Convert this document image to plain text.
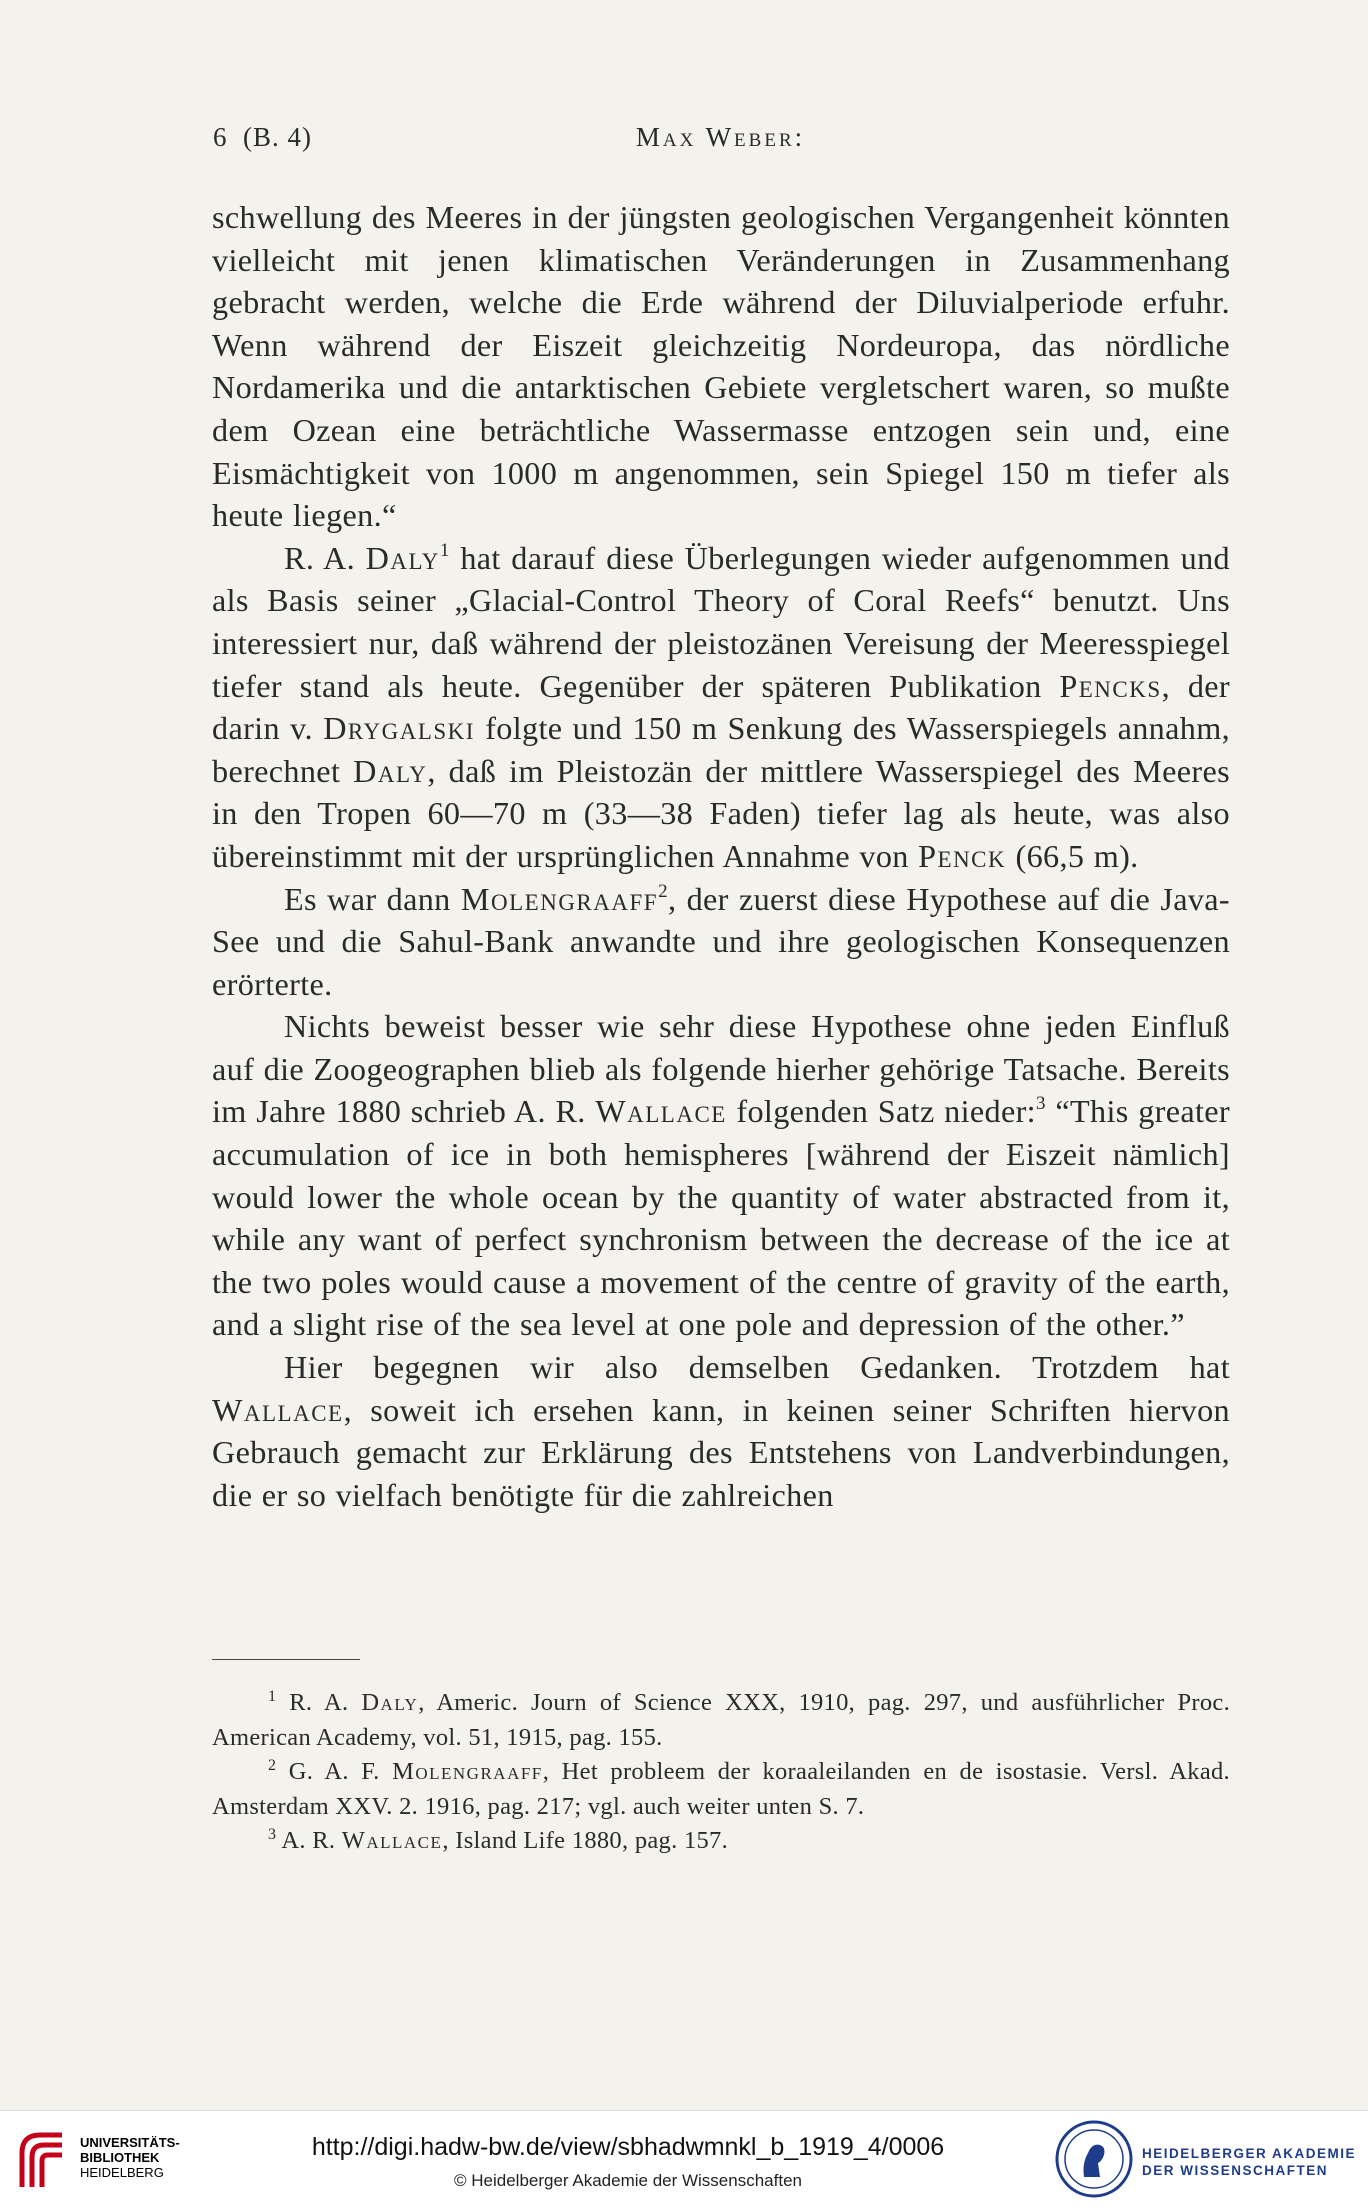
6 (B. 4)	Max Weber:

schwellung des Meeres in der jüngsten geologischen Vergangenheit könnten vielleicht mit jenen klimatischen Veränderungen in Zusammenhang gebracht werden, welche die Erde während der Diluvialperiode erfuhr. Wenn während der Eiszeit gleichzeitig Nordeuropa, das nördliche Nordamerika und die antarktischen Gebiete vergletschert waren, so mußte dem Ozean eine beträchtliche Wassermasse entzogen sein und, eine Eismächtigkeit von 1000 m angenommen, sein Spiegel 150 m tiefer als heute liegen.“

R. A. Daly$^1$ hat darauf diese Überlegungen wieder aufgenommen und als Basis seiner „Glacial-Control Theory of Coral Reefs“ benutzt. Uns interessiert nur, daß während der pleistozänen Vereisung der Meeresspiegel tiefer stand als heute. Gegenüber der späteren Publikation Pencks, der darin v. Drygalski folgte und 150 m Senkung des Wasserspiegels annahm, berechnet Daly, daß im Pleistozän der mittlere Wasserspiegel des Meeres in den Tropen 60—70 m (33—38 Faden) tiefer lag als heute, was also übereinstimmt mit der ursprünglichen Annahme von Penck (66,5 m).

Es war dann Molengraaff$^2$, der zuerst diese Hypothese auf die Java-See und die Sahul-Bank anwandte und ihre geologischen Konsequenzen erörterte.

Nichts beweist besser wie sehr diese Hypothese ohne jeden Einfluß auf die Zoogeographen blieb als folgende hierher gehörige Tatsache. Bereits im Jahre 1880 schrieb A. R. Wallace folgenden Satz nieder:$^3$ “This greater accumulation of ice in both hemispheres [während der Eiszeit nämlich] would lower the whole ocean by the quantity of water abstracted from it, while any want of perfect synchronism between the decrease of the ice at the two poles would cause a movement of the centre of gravity of the earth, and a slight rise of the sea level at one pole and depression of the other.”

Hier begegnen wir also demselben Gedanken. Trotzdem hat Wallace, soweit ich ersehen kann, in keinen seiner Schriften hiervon Gebrauch gemacht zur Erklärung des Entstehens von Landverbindungen, die er so vielfach benötigte für die zahlreichen

$^1$ R. A. Daly, Americ. Journ of Science XXX, 1910, pag. 297, und ausführlicher Proc. American Academy, vol. 51, 1915, pag. 155.

$^2$ G. A. F. Molengraaff, Het probleem der koraaleilanden en de isostasie. Versl. Akad. Amsterdam XXV. 2. 1916, pag. 217; vgl. auch weiter unten S. 7.

$^3$ A. R. Wallace, Island Life 1880, pag. 157.

UNIVERSITÄTS-
BIBLIOTHEK
HEIDELBERG
http://digi.hadw-bw.de/view/sbhadwmnkl_b_1919_4/0006
© Heidelberger Akademie der Wissenschaften
HEIDELBERGER AKADEMIE
DER WISSENSCHAFTEN
